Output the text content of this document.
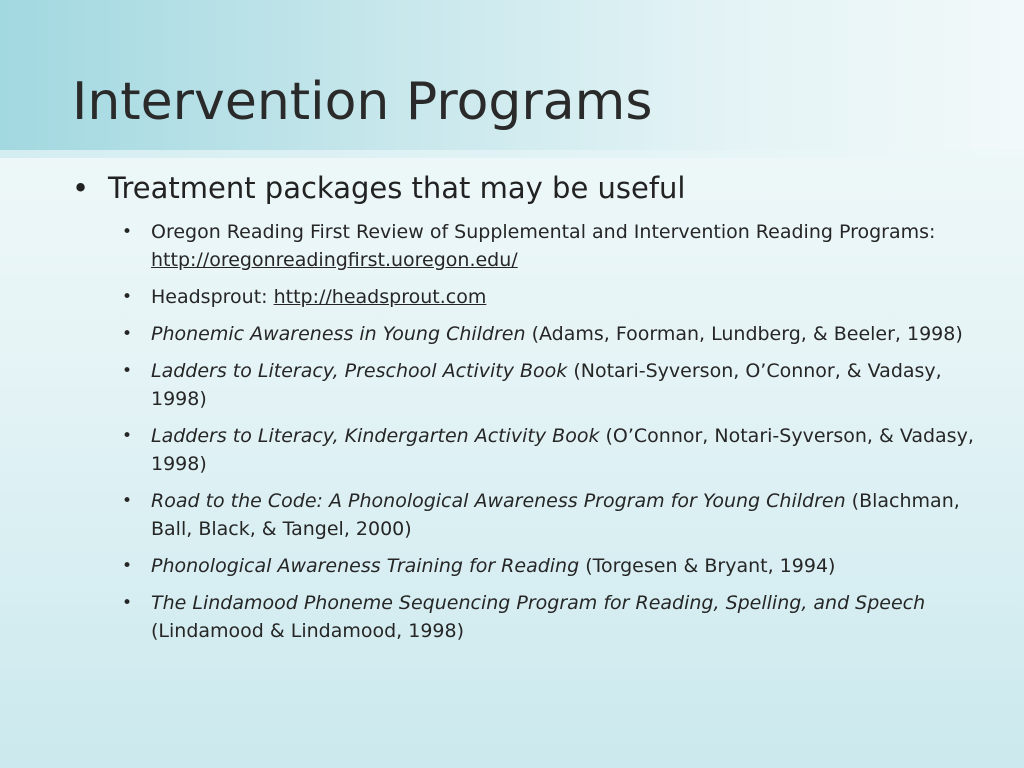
Intervention Programs
• Treatment packages that may be useful
• Oregon Reading First Review of Supplemental and Intervention Reading Programs: http://oregonreadingfirst.uoregon.edu/
• Headsprout: http://headsprout.com
• Phonemic Awareness in Young Children (Adams, Foorman, Lundberg, & Beeler, 1998)
• Ladders to Literacy, Preschool Activity Book (Notari-Syverson, O’Connor, & Vadasy, 1998)
• Ladders to Literacy, Kindergarten Activity Book (O’Connor, Notari-Syverson, & Vadasy, 1998)
• Road to the Code: A Phonological Awareness Program for Young Children (Blachman, Ball, Black, & Tangel, 2000)
• Phonological Awareness Training for Reading (Torgesen & Bryant, 1994)
• The Lindamood Phoneme Sequencing Program for Reading, Spelling, and Speech (Lindamood & Lindamood, 1998)
